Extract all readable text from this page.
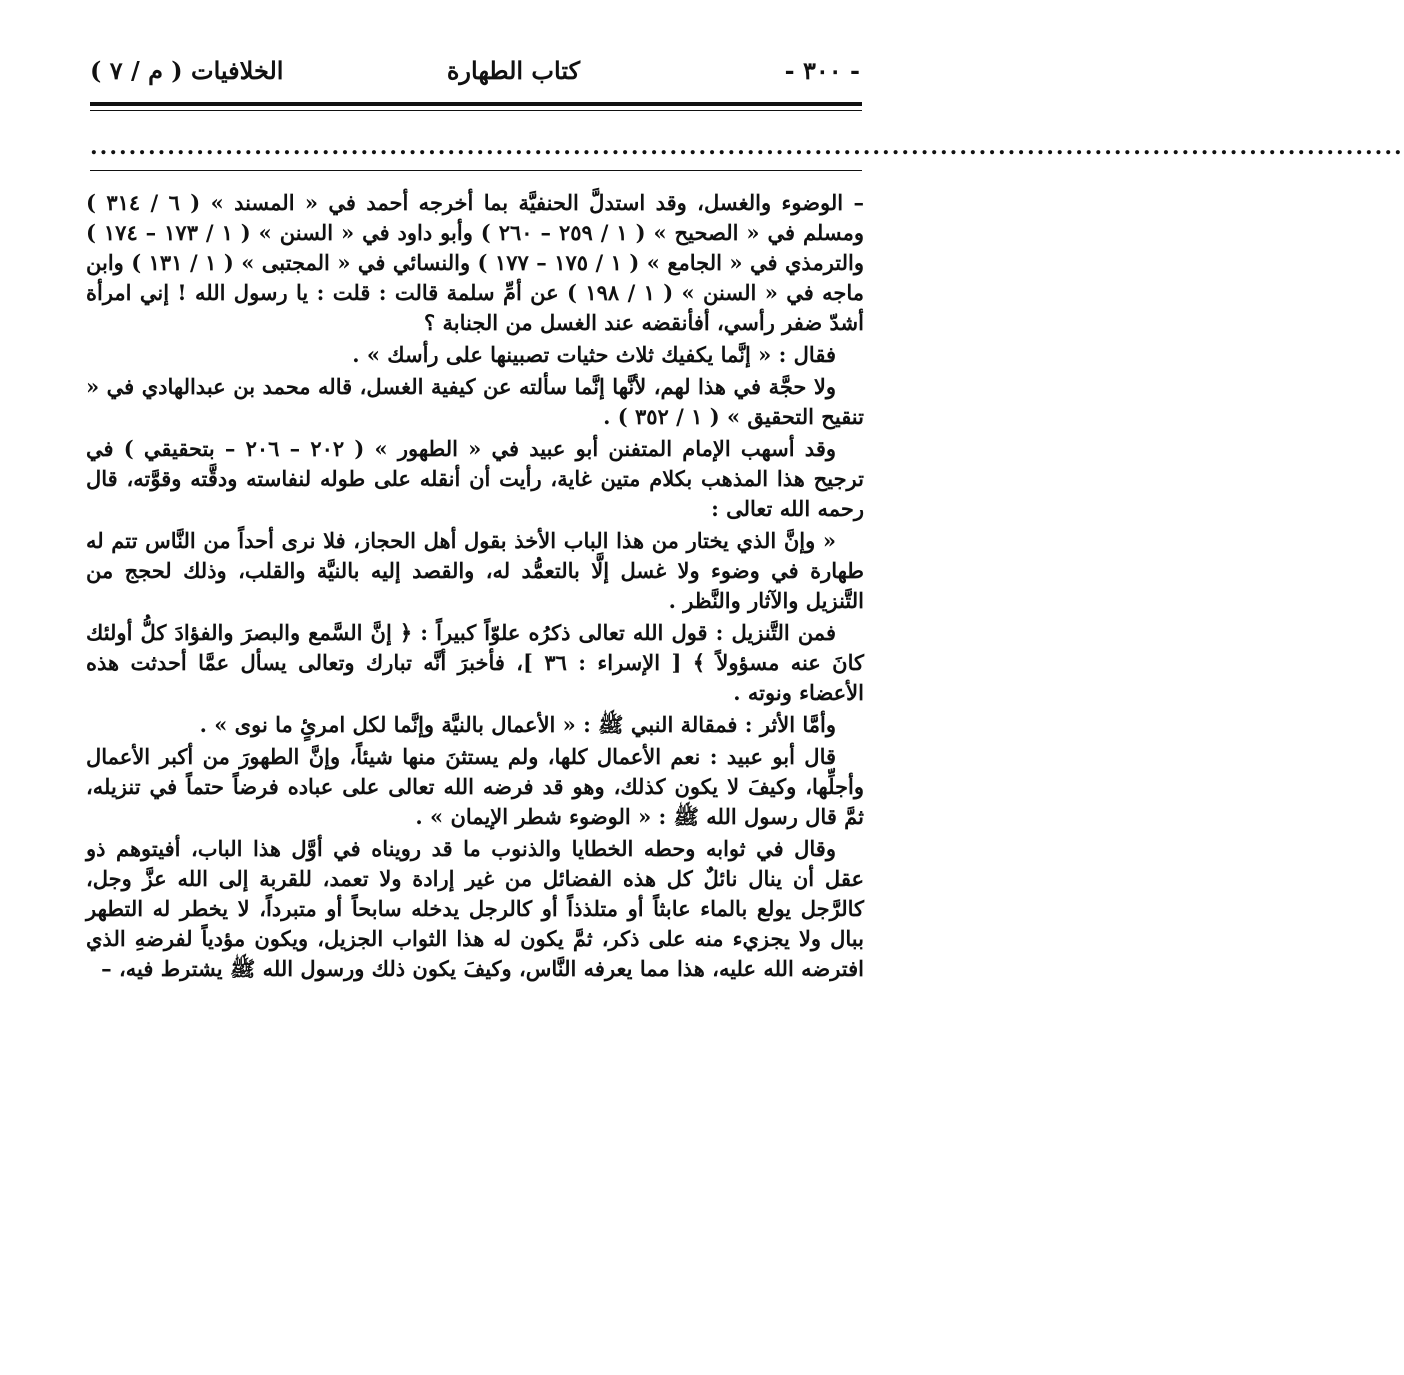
- ٣٠٠ -
كتاب الطهارة
الخلافيات ( م / ٧ )
........................................................................................................................................

– الوضوء والغسل، وقد استدلَّ الحنفيَّة بما أخرجه أحمد في « المسند » ( ٦ / ٣١٤ ) ومسلم في « الصحيح » ( ١ / ٢٥٩ – ٢٦٠ ) وأبو داود في « السنن » ( ١ / ١٧٣ – ١٧٤ ) والترمذي في « الجامع » ( ١ / ١٧٥ – ١٧٧ ) والنسائي في « المجتبى » ( ١ / ١٣١ ) وابن ماجه في « السنن » ( ١ / ١٩٨ ) عن أمِّ سلمة قالت : قلت : يا رسول الله ! إني امرأة أشدّ ضفر رأسي، أفأنقضه عند الغسل من الجنابة ؟

فقال : « إنَّما يكفيك ثلاث حثيات تصبينها على رأسك » .

ولا حجَّة في هذا لهم، لأنَّها إنَّما سألته عن كيفية الغسل، قاله محمد بن عبدالهادي في « تنقيح التحقيق » ( ١ / ٣٥٢ ) .

وقد أسهب الإمام المتفنن أبو عبيد في « الطهور » ( ٢٠٢ – ٢٠٦ – بتحقيقي ) في ترجيح هذا المذهب بكلام متين غاية، رأيت أن أنقله على طوله لنفاسته ودقَّته وقوَّته، قال رحمه الله تعالى :

« وإنَّ الذي يختار من هذا الباب الأخذ بقول أهل الحجاز، فلا نرى أحداً من النَّاس تتم له طهارة في وضوء ولا غسل إلَّا بالتعمُّد له، والقصد إليه بالنيَّة والقلب، وذلك لحجج من التَّنزيل والآثار والنَّظر .

فمن التَّنزيل : قول الله تعالى ذكرُه علوّاً كبيراً : ﴿ إنَّ السَّمع والبصرَ والفؤادَ كلُّ أولئك كانَ عنه مسؤولاً ﴾ [ الإسراء : ٣٦ ]، فأخبرَ أنَّه تبارك وتعالى يسأل عمَّا أحدثت هذه الأعضاء ونوته .

وأمَّا الأثر : فمقالة النبي ﷺ : « الأعمال بالنيَّة وإنَّما لكل امرئٍ ما نوى » .

قال أبو عبيد : نعم الأعمال كلها، ولم يستثنَ منها شيئاً، وإنَّ الطهورَ من أكبر الأعمال وأجلِّها، وكيفَ لا يكون كذلك، وهو قد فرضه الله تعالى على عباده فرضاً حتماً في تنزيله، ثمَّ قال رسول الله ﷺ : « الوضوء شطر الإيمان » .

وقال في ثوابه وحطه الخطايا والذنوب ما قد رويناه في أوَّل هذا الباب، أفيتوهم ذو عقل أن ينال نائلٌ كل هذه الفضائل من غير إرادة ولا تعمد، للقربة إلى الله عزَّ وجل، كالرَّجل يولع بالماء عابثاً أو متلذذاً أو كالرجل يدخله سابحاً أو متبرداً، لا يخطر له التطهر ببال ولا يجزيء منه على ذكر، ثمَّ يكون له هذا الثواب الجزيل، ويكون مؤدياً لفرضهِ الذي افترضه الله عليه، هذا مما يعرفه النَّاس، وكيفَ يكون ذلك ورسول الله ﷺ يشترط فيه، –
